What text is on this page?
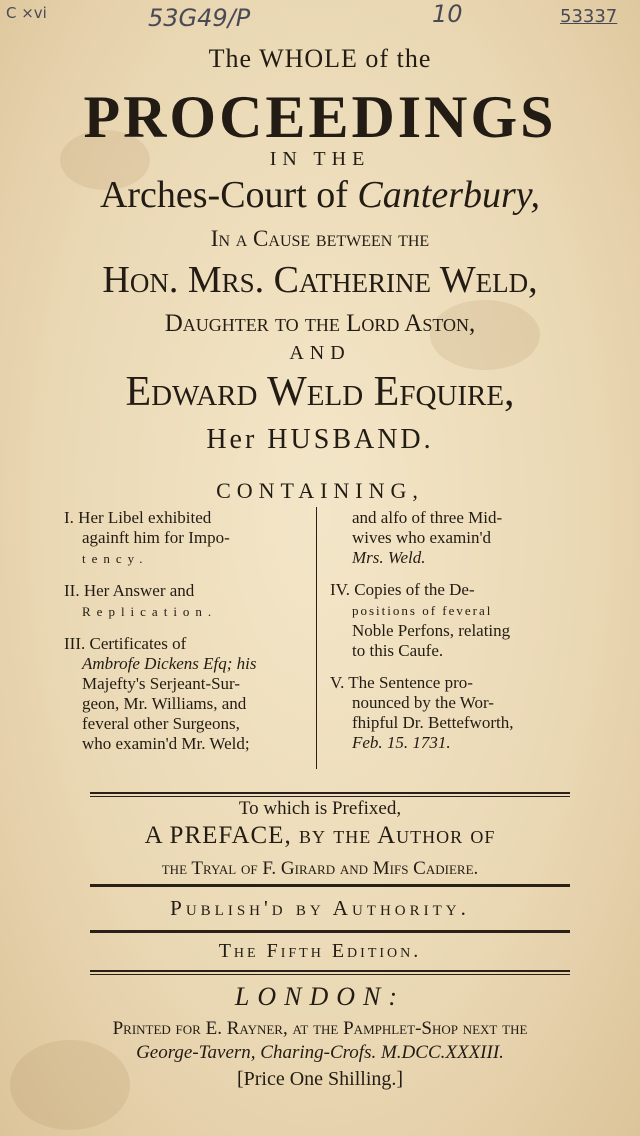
C ×vi	53G49/P	10	53337
The WHOLE of the
PROCEEDINGS
IN THE
Arches-Court of Canterbury,
In a Cause between the
Hon. Mrs. Catherine Weld,
Daughter to the Lord Aston,
AND
Edward Weld Efquire,
Her HUSBAND.
CONTAINING,
I. Her Libel exhibited
againft him for Impo-
tency.
II. Her Answer and
Replication.
III. Certificates of
Ambrofe Dickens Efq; his
Majefty's Serjeant-Sur-
geon, Mr. Williams, and
feveral other Surgeons,
who examin'd Mr. Weld;
and alfo of three Mid-
wives who examin'd
Mrs. Weld.
IV. Copies of the De-
positions of feveral
Noble Perfons, relating
to this Caufe.
V. The Sentence pro-
nounced by the Wor-
fhipful Dr. Bettefworth,
Feb. 15. 1731.
To which is Prefixed,
A PREFACE, by the Author of
the Tryal of F. Girard and Mifs Cadiere.
Publish'd by Authority.
The Fifth Edition.
LONDON:
Printed for E. Rayner, at the Pamphlet-Shop next the
George-Tavern, Charing-Crofs. M.DCC.XXXIII.
[Price One Shilling.]
